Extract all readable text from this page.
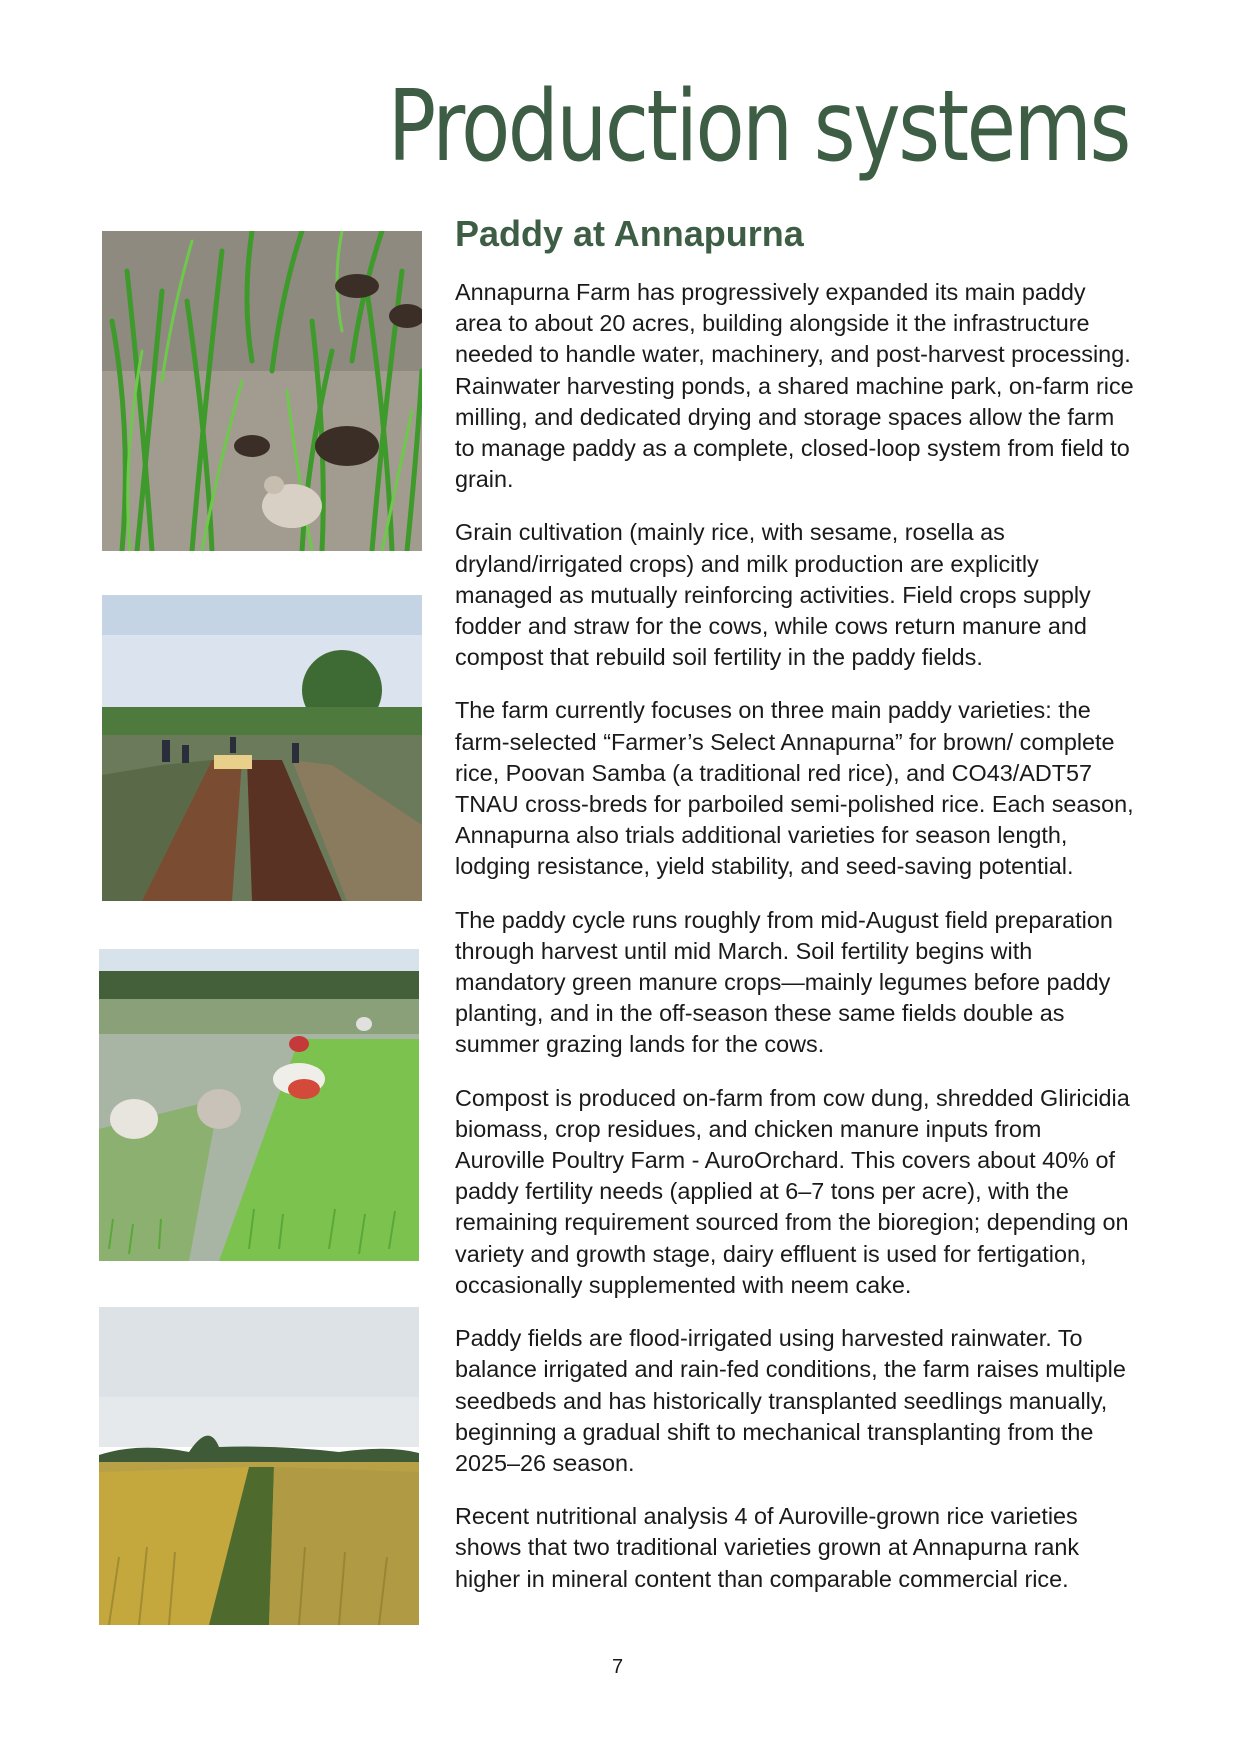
Production systems
Paddy at Annapurna

Annapurna Farm has progressively expanded its main paddy area to about 20 acres, building alongside it the infrastructure needed to handle water, machinery, and post-harvest processing. Rainwater harvesting ponds, a shared machine park, on-farm rice milling, and dedicated drying and storage spaces allow the farm to manage paddy as a complete, closed-loop system from field to grain.

Grain cultivation (mainly rice, with sesame, rosella as dryland/irrigated crops) and milk production are explicitly managed as mutually reinforcing activities. Field crops supply fodder and straw for the cows, while cows return manure and compost that rebuild soil fertility in the paddy fields.

The farm currently focuses on three main paddy varieties: the farm-selected “Farmer’s Select Annapurna” for brown/ complete rice, Poovan Samba (a traditional red rice), and CO43/ADT57 TNAU cross-breds for parboiled semi-polished rice. Each season, Annapurna also trials additional varieties for season length, lodging resistance, yield stability, and seed-saving potential.

The paddy cycle runs roughly from mid-August field preparation through harvest until mid March. Soil fertility begins with mandatory green manure crops—mainly legumes before paddy planting, and in the off-season these same fields double as summer grazing lands for the cows.

Compost is produced on-farm from cow dung, shredded Gliricidia biomass, crop residues, and chicken manure inputs from Auroville Poultry Farm - AuroOrchard. This covers about 40% of paddy fertility needs (applied at 6–7 tons per acre), with the remaining requirement sourced from the bioregion; depending on variety and growth stage, dairy effluent is used for fertigation, occasionally supplemented with neem cake.

Paddy fields are flood-irrigated using harvested rainwater. To balance irrigated and rain-fed conditions, the farm raises multiple seedbeds and has historically transplanted seedlings manually, beginning a gradual shift to mechanical transplanting from the 2025–26 season.

Recent nutritional analysis 4 of Auroville-grown rice varieties shows that two traditional varieties grown at Annapurna rank higher in mineral content than comparable commercial rice.

7
